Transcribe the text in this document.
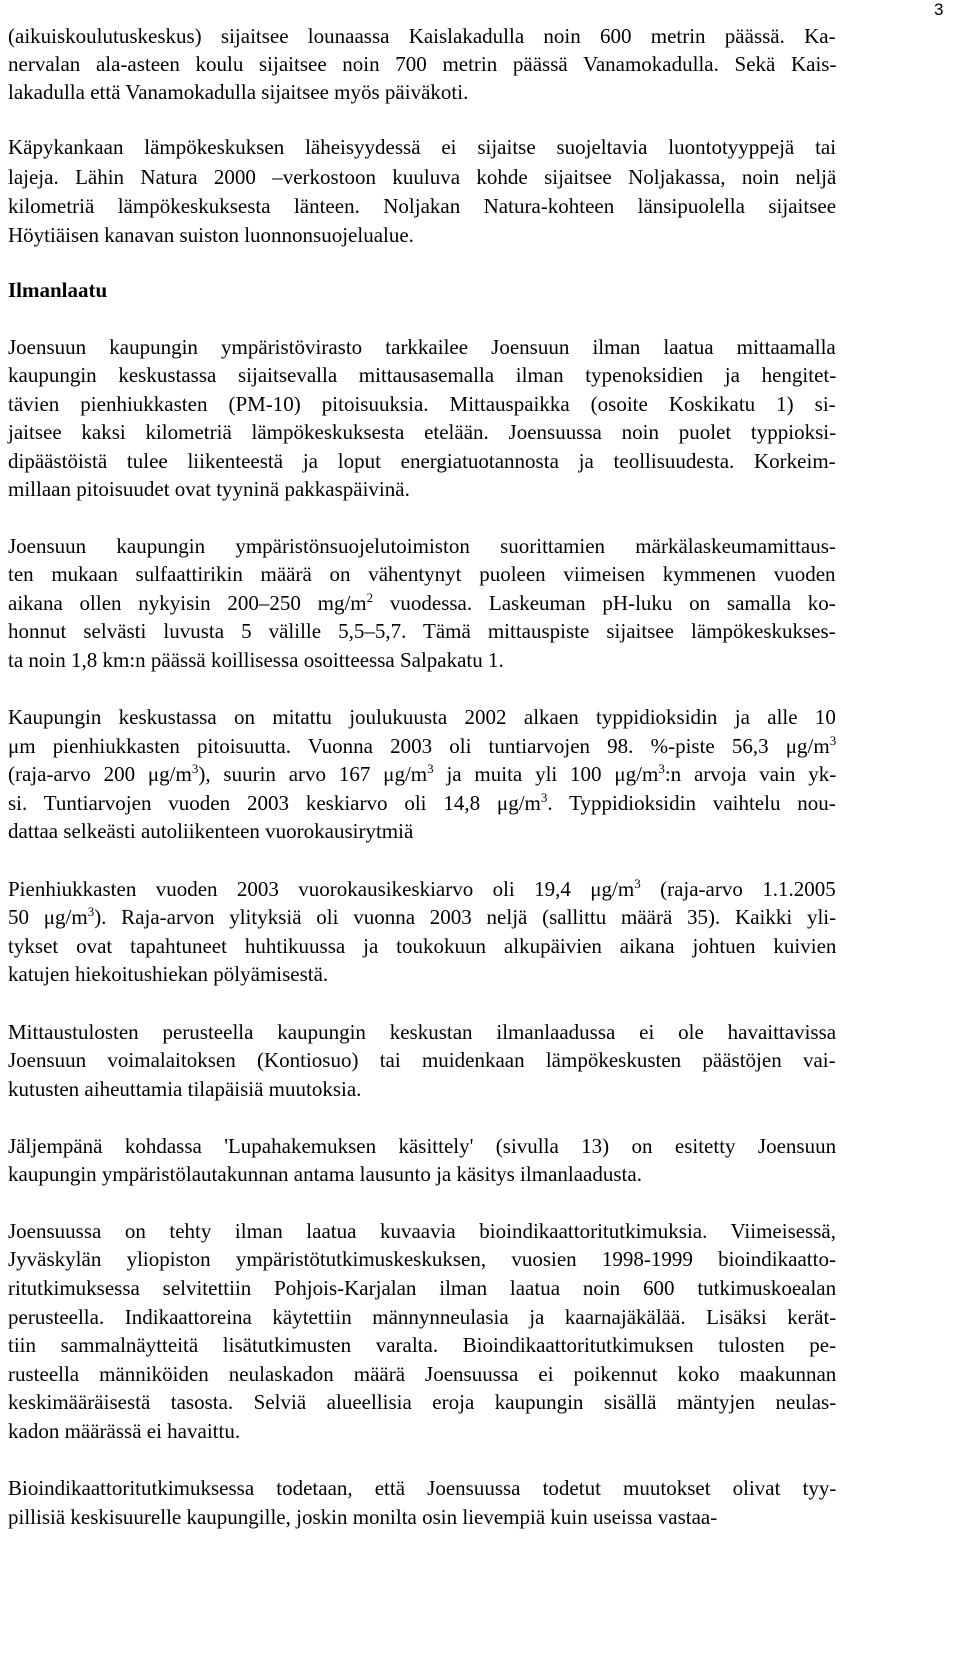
3
(aikuiskoulutuskeskus) sijaitsee lounaassa Kaislakadulla noin 600 metrin päässä. Ka-
nervalan ala-asteen koulu sijaitsee noin 700 metrin päässä Vanamokadulla. Sekä Kais-
lakadulla että Vanamokadulla sijaitsee myös päiväkoti.
Käpykankaan lämpökeskuksen läheisyydessä ei sijaitse suojeltavia luontotyyppejä tai
lajeja. Lähin Natura 2000 –verkostoon kuuluva kohde sijaitsee Noljakassa, noin neljä
kilometriä lämpökeskuksesta länteen. Noljakan Natura-kohteen länsipuolella sijaitsee
Höytiäisen kanavan suiston luonnonsuojelualue.
Ilmanlaatu
Joensuun kaupungin ympäristövirasto tarkkailee Joensuun ilman laatua mittaamalla
kaupungin keskustassa sijaitsevalla mittausasemalla ilman typenoksidien ja hengitet-
tävien pienhiukkasten (PM-10) pitoisuuksia. Mittauspaikka (osoite Koskikatu 1) si-
jaitsee kaksi kilometriä lämpökeskuksesta etelään. Joensuussa noin puolet typpioksi-
dipäästöistä tulee liikenteestä ja loput energiatuotannosta ja teollisuudesta. Korkeim-
millaan pitoisuudet ovat tyyninä pakkaspäivinä.
Joensuun kaupungin ympäristönsuojelutoimiston suorittamien märkälaskeumamittaus-
ten mukaan sulfaattirikin määrä on vähentynyt puoleen viimeisen kymmenen vuoden
aikana ollen nykyisin 200–250 $mg/m^2$ vuodessa. Laskeuman pH-luku on samalla ko-
honnut selvästi luvusta 5 välille 5,5–5,7. Tämä mittauspiste sijaitsee lämpökeskukses-
ta noin 1,8 km:n päässä koillisessa osoitteessa Salpakatu 1.
Kaupungin keskustassa on mitattu joulukuusta 2002 alkaen typpidioksidin ja alle 10
μm pienhiukkasten pitoisuutta. Vuonna 2003 oli tuntiarvojen 98. %-piste 56,3 $\mu g/m^3$
(raja-arvo 200 $\mu g/m^3$), suurin arvo 167 $\mu g/m^3$ ja muita yli 100 $\mu g/m^3:n$ arvoja vain yk-
si. Tuntiarvojen vuoden 2003 keskiarvo oli 14,8 $\mu g/m^3$. Typpidioksidin vaihtelu nou-
dattaa selkeästi autoliikenteen vuorokausirytmiä
Pienhiukkasten vuoden 2003 vuorokausikeskiarvo oli 19,4 $\mu g/m^3$ (raja-arvo 1.1.2005
50 $\mu g/m^3$). Raja-arvon ylityksiä oli vuonna 2003 neljä (sallittu määrä 35). Kaikki yli-
tykset ovat tapahtuneet huhtikuussa ja toukokuun alkupäivien aikana johtuen kuivien
katujen hiekoitushiekan pölyämisestä.
Mittaustulosten perusteella kaupungin keskustan ilmanlaadussa ei ole havaittavissa
Joensuun voimalaitoksen (Kontiosuo) tai muidenkaan lämpökeskusten päästöjen vai-
kutusten aiheuttamia tilapäisiä muutoksia.
Jäljempänä kohdassa 'Lupahakemuksen käsittely' (sivulla 13) on esitetty Joensuun
kaupungin ympäristölautakunnan antama lausunto ja käsitys ilmanlaadusta.
Joensuussa on tehty ilman laatua kuvaavia bioindikaattoritutkimuksia. Viimeisessä,
Jyväskylän yliopiston ympäristötutkimuskeskuksen, vuosien 1998-1999 bioindikaatto-
ritutkimuksessa selvitettiin Pohjois-Karjalan ilman laatua noin 600 tutkimuskoealan
perusteella. Indikaattoreina käytettiin männynneulasia ja kaarnajäkälää. Lisäksi kerät-
tiin sammalnäytteitä lisätutkimusten varalta. Bioindikaattoritutkimuksen tulosten pe-
rusteella männiköiden neulaskadon määrä Joensuussa ei poikennut koko maakunnan
keskimääräisestä tasosta. Selviä alueellisia eroja kaupungin sisällä mäntyjen neulas-
kadon määrässä ei havaittu.
Bioindikaattoritutkimuksessa todetaan, että Joensuussa todetut muutokset olivat tyy-
pillisiä keskisuurelle kaupungille, joskin monilta osin lievempiä kuin useissa vastaa-
